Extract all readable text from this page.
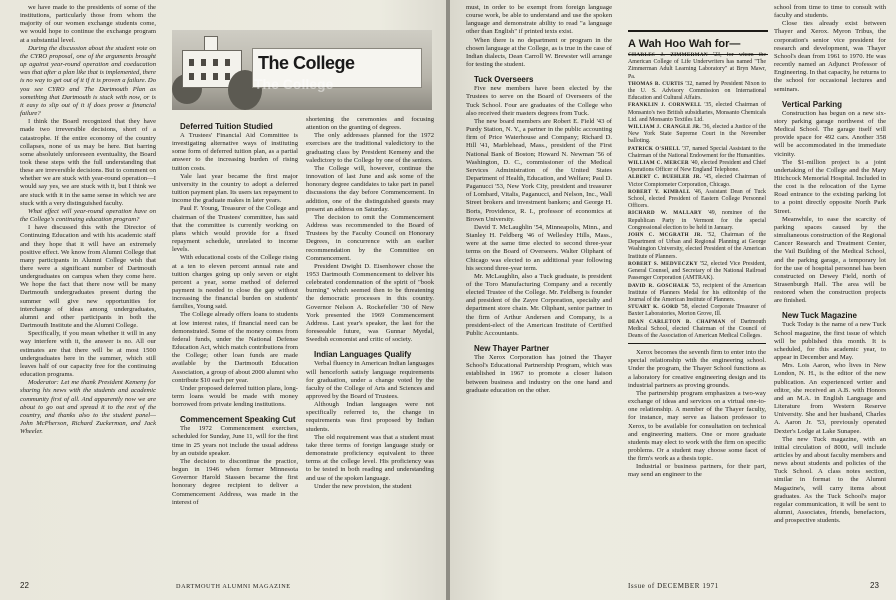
we have made to the presidents of some of the institutions, particularly those from whom the majority of our women exchange students come, we would hope to continue the exchange program at a substantial level.

During the discussion about the student vote on the CYRO proposal, one of the arguments brought up against year-round operation and coeducation was that after a plan like that is implemented, there is no way to get out of it if it is proven a failure. Do you see CYRO and The Dartmouth Plan as something that Dartmouth is stuck with now, or is it easy to slip out of it if does prove a financial failure?

I think the Board recognized that they have made two irreversible decisions, short of a catastrophe. If the entire economy of the country collapses, none of us may be here. But barring some absolutely unforeseen eventuality, the Board took these steps with the full understanding that these are irreversible decisions. But to comment on whether we are stuck with year-round operation—I would say yes, we are stuck with it, but I think we are stuck with it in the same sense in which we are stuck with a very distinguished faculty.

What effect will year-round operation have on the College's continuing education program?

I have discussed this with the Director of Continuing Education and with his academic staff and they hope that it will have an extremely positive effect. We know from Alumni College that many participants in Alumni College wish that there were a significant number of Dartmouth undergraduates on campus when they come here. We hope the fact that there now will be many Dartmouth undergraduates present during the summer will give new opportunities for interchange of ideas among undergraduates, alumni and other participants in both the Dartmouth Institute and the Alumni College.

Specifically, if you mean whether it will in any way interfere with it, the answer is no. All our estimates are that there will be at most 1500 undergraduates here in the summer, which still leaves half of our capacity free for the continuing education programs.

Moderator: Let me thank President Kemeny for sharing his news with the students and academic community first of all. And apparently now we are about to go out and spread it to the rest of the country, and thanks also to the student panel—John McPherson, Richard Zuckerman, and Jack Wheeler.

The College
The College

Deferred Tuition Studied

A Trustees' Financial Aid Committee is investigating alternative ways of instituting some form of deferred tuition plan, as a partial answer to the increasing burden of rising tuition costs.

Yale last year became the first major university in the country to adopt a deferred tuition payment plan. Its users tax repayment to income the graduate makes in later years.

Paul F. Young, Treasurer of the College and chairman of the Trustees' committee, has said that the committee is currently working on plans which would provide for a fixed repayment schedule, unrelated to income levels.

With educational costs of the College rising at a ten to eleven percent annual rate and tuition charges going up only seven or eight percent a year, some method of deferred payment is needed to close the gap without increasing the financial burden on students' families, Young said.

The College already offers loans to students at low interest rates, if financial need can be demonstrated. Some of the money comes from federal funds, under the National Defense Education Act, which match contributions from the College; other loan funds are made available by the Dartmouth Education Association, a group of about 2000 alumni who contribute $10 each per year.

Under proposed deferred tuition plans, long-term loans would be made with money borrowed from private lending institutions.

Commencement Speaking Cut

The 1972 Commencement exercises, scheduled for Sunday, June 11, will for the first time in 25 years not include the usual address by an outside speaker.

The decision to discontinue the practice, begun in 1946 when former Minnesota Governor Harold Stassen became the first honorary degree recipient to deliver a Commencement Address, was made in the interest of

shortening the ceremonies and focusing attention on the granting of degrees.

The only addresses planned for the 1972 exercises are the traditional valedictory to the graduating class by President Kemeny and the valedictory to the College by one of the seniors.

The College will, however, continue the innovation of last June and ask some of the honorary degree candidates to take part in panel discussions the day before Commencement. In addition, one of the distinguished guests may present an address on Saturday.

The decision to omit the Commencement Address was recommended to the Board of Trustees by the Faculty Council on Honorary Degrees, in concurrence with an earlier recommendation by the Committee on Commencement.

President Dwight D. Eisenhower chose the 1953 Dartmouth Commencement to deliver his celebrated condemnation of the spirit of "book burning" which seemed then to be threatening the democratic processes in this country. Governor Nelson A. Rockefeller '30 of New York presented the 1969 Commencement Address. Last year's speaker, the last for the foreseeable future, was Gunnar Myrdal, Swedish economist and critic of society.

Indian Languages Qualify

Verbal fluency in American Indian languages will henceforth satisfy language requirements for graduation, under a change voted by the faculty of the College of Arts and Sciences and approved by the Board of Trustees.

Although Indian languages were not specifically referred to, the change in requirements was first proposed by Indian students.

The old requirement was that a student must take three terms of foreign language study or demonstrate proficiency equivalent to three terms at the college level. His proficiency was to be tested in both reading and understanding and use of the spoken language.

Under the new provision, the student

22	DARTMOUTH ALUMNI MAGAZINE

must, in order to be exempt from foreign language course work, be able to understand and use the spoken language and demonstrate ability to read "a language other than English" if printed texts exist.

When there is no department or program in the chosen language at the College, as is true in the case of Indian dialects, Dean Carroll W. Brewster will arrange for testing the student.

Tuck Overseers

Five new members have been elected by the Trustees to serve on the Board of Overseers of the Tuck School. Four are graduates of the College who also received their masters degrees from Tuck.

The new board members are Robert E. Field '43 of Purdy Station, N. Y., a partner in the public accounting firm of Price Waterhouse and Company; Richard D. Hill '41, Marblehead, Mass., president of the First National Bank of Boston; Howard N. Newman '56 of Washington, D. C., commissioner of the Medical Services Administration of the United States Department of Health, Education, and Welfare; Paul D. Paganucci '53, New York City, president and treasurer of Lombard, Vitalis, Paganucci, and Nelson, Inc., Wall Street brokers and investment bankers; and George H. Borts, Providence, R. I., professor of economics at Brown University.

David T. McLaughlin '54, Minneapolis, Minn., and Stanley H. Feldberg '46 of Wellesley Hills, Mass., were at the same time elected to second three-year terms on the Board of Overseers. Walter Oliphant of Chicago was elected to an additional year following his second three-year term.

Mr. McLaughlin, also a Tuck graduate, is president of the Toro Manufacturing Company and a recently elected Trustee of the College. Mr. Feldberg is founder and president of the Zayre Corporation, specialty and department store chain. Mr. Oliphant, senior partner in the firm of Arthur Andersen and Company, is a president-elect of the American Institute of Certified Public Accountants.

New Thayer Partner

The Xerox Corporation has joined the Thayer School's Educational Partnership Program, which was established in 1967 to promote a closer liaison between business and industry on the one hand and graduate education on the other.

A Wah Hoo Wah for—

CHARLES J. ZIMMERMAN '23, for whom the American College of Life Underwriters has named "The Zimmerman Adult Learning Laboratory" at Bryn Mawr, Pa.

THOMAS B. CURTIS '32, named by President Nixon to the U. S. Advisory Commission on International Education and Cultural Affairs.

FRANKLIN J. CORNWELL '35, elected Chairman of Monsanto's two British subsidiaries, Monsanto Chemicals Ltd. and Monsanto Textiles Ltd.

WILLIAM J. CRANGLE JR. '36, elected a Justice of the New York State Supreme Court in the November balloting.

PATRICK O'SHELL '37, named Special Assistant to the Chairman of the National Endowment for the Humanities.

WILLIAM C. MERCER '40, elected President and Chief Operations Officer of New England Telephone.

ALBERT C. BUEHLER JR. '45, elected Chairman of Victor Comptometer Corporation, Chicago.

ROBERT Y. KIMBALL '46, Assistant Dean of Tuck School, elected President of Eastern College Personnel Officers.

RICHARD W. MALLARY '49, nominee of the Republican Party in Vermont for the special Congressional election to be held in January.

JOHN C. MCGRATH JR. '52, Chairman of the Department of Urban and Regional Planning at George Washington University, elected President of the American Institute of Planners.

ROBERT S. MEDVECZKY '52, elected Vice President, General Counsel, and Secretary of the National Railroad Passenger Corporation (AMTRAK).

DAVID R. GOSCHALK '53, recipient of the American Institute of Planners Medal for his editorship of the Journal of the American Institute of Planners.

STUART K. GORD '58, elected Corporate Treasurer of Baxter Laboratories, Morton Grove, Ill.

DEAN CARLETON B. CHAPMAN of Dartmouth Medical School, elected Chairman of the Council of Deans of the Association of American Medical Colleges.

Xerox becomes the seventh firm to enter into the special relationship with the engineering school. Under the program, the Thayer School functions as a laboratory for creative engineering design and its industrial partners as proving grounds.

The partnership program emphasizes a two-way exchange of ideas and services on a virtual one-to-one relationship. A member of the Thayer faculty, for instance, may serve as liaison professor to Xerox, to be available for consultation on technical and engineering matters. One or more graduate students may elect to work with the firm on specific problems. Or a student may choose some facet of the firm's work as a thesis topic.

Industrial or business partners, for their part, may send an engineer to the

school from time to time to consult with faculty and students.

Close ties already exist between Thayer and Xerox. Myron Tribus, the corporation's senior vice president for research and development, was Thayer School's dean from 1961 to 1970. He was recently named an Adjunct Professor of Engineering. In that capacity, he returns to the school for occasional lectures and seminars.

Vertical Parking

Construction has begun on a new six-story parking garage northwest of the Medical School. The garage itself will provide space for 492 cars. Another 358 will be accommodated in the immediate vicinity.

The $1-million project is a joint undertaking of the College and the Mary Hitchcock Memorial Hospital. Included in the cost is the relocation of the Lyme Road entrance to the existing parking lot to a point directly opposite North Park Street.

Meanwhile, to ease the scarcity of parking spaces caused by the simultaneous construction of the Regional Cancer Research and Treatment Center, the Vail Building of the Medical School, and the parking garage, a temporary lot for the use of hospital personnel has been constructed on Dewey Field, north of Strasenburgh Hall. The area will be restored when the construction projects are finished.

New Tuck Magazine

Tuck Today is the name of a new Tuck School magazine, the first issue of which will be published this month. It is scheduled, for this academic year, to appear in December and May.

Mrs. Lois Aaron, who lives in New London, N. H., is the editor of the new publication. An experienced writer and editor, she received an A.B. with Honors and an M.A. in English Language and Literature from Western Reserve University. She and her husband, Charles A. Aaron Jr. '53, previously operated Dexter's Lodge at Lake Sunapee.

The new Tuck magazine, with an initial circulation of 8000, will include articles by and about faculty members and news about students and policies of the Tuck School. A class notes section, similar in format to the Alumni Magazine's, will carry items about graduates. As the Tuck School's major regular communication, it will be sent to alumni, Associates, friends, benefactors, and prospective students.

Issue of DECEMBER 1971	23
